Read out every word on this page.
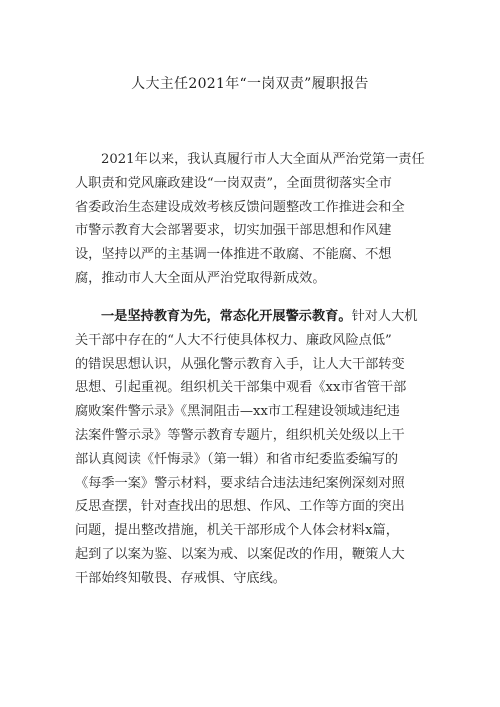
人大主任2021年“一岗双责”履职报告
2021年以来，我认真履行市人大全面从严治党第一责任
人职责和党风廉政建设“一岗双责”，全面贯彻落实全市
省委政治生态建设成效考核反馈问题整改工作推进会和全
市警示教育大会部署要求，切实加强干部思想和作风建
设，坚持以严的主基调一体推进不敢腐、不能腐、不想
腐，推动市人大全面从严治党取得新成效。
一是坚持教育为先，常态化开展警示教育。针对人大机
关干部中存在的“人大不行使具体权力、廉政风险点低”
的错误思想认识，从强化警示教育入手，让人大干部转变
思想、引起重视。组织机关干部集中观看《xx市省管干部
腐败案件警示录》《黑洞阻击—xx市工程建设领域违纪违
法案件警示录》等警示教育专题片，组织机关处级以上干
部认真阅读《忏悔录》（第一辑）和省市纪委监委编写的
《每季一案》警示材料，要求结合违法违纪案例深刻对照
反思查摆，针对查找出的思想、作风、工作等方面的突出
问题，提出整改措施，机关干部形成个人体会材料x篇，
起到了以案为鉴、以案为戒、以案促改的作用，鞭策人大
干部始终知敬畏、存戒惧、守底线。
